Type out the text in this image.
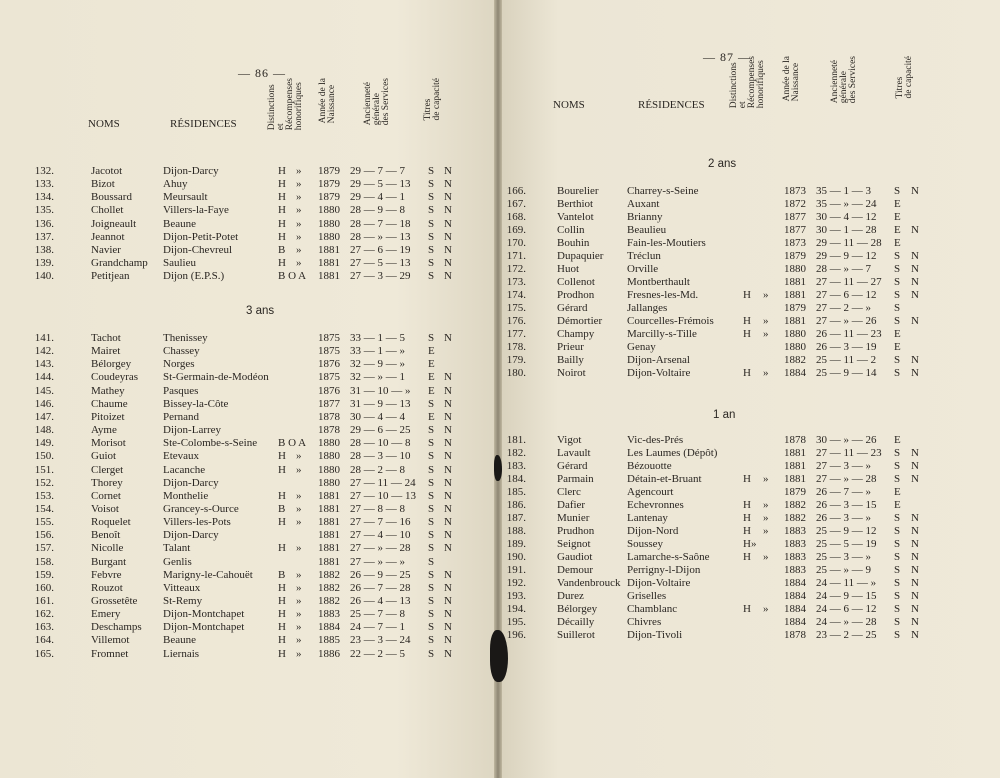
— 86 —
NOMS	RÉSIDENCES	Distinctions
et
Récompenses
honorifiques Année de la
Naissance	Ancienneté
générale
des Services	Titres
de capacité
132.	Jacotot	Dijon-Darcy	H » 1879 29 — 7 — 7 S N
133.	Bizot	Ahuy	H » 1879 29 — 5 — 13 S N
134.	Boussard	Meursault	H » 1879 29 — 4 — 1 S N
135.	Chollet	Villers-la-Faye	H » 1880 28 — 9 — 8 S N
136.	Joigneault Beaune	H » 1880 28 — 7 — 18 S N
137.	Jeannot	Dijon-Petit-Potet	H » 1880 28 — » — 13 S N
138.	Navier	Dijon-Chevreul	B » 1881 27 — 6 — 19 S N
139.	Grandchamp Saulieu	H » 1881 27 — 5 — 13 S N
140.	Petitjean	Dijon (E.P.S.)	B O A 1881 27 — 3 — 29 S N
3 ans
141.	Tachot	Thenissey	1875 33 — 1 — 5 S N
142.	Mairet	Chassey	1875 33 — 1 — » E
143.	Bélorgey	Norges	1876 32 — 9 — » E
144.	Coudeyras St-Germain-de-Modéon	1875 32 — » — 1 E N
145.	Mathey	Pasques	1876 31 — 10 — » E N
146.	Chaume	Bissey-la-Côte	1877 31 — 9 — 13 S N
147.	Pitoizet	Pernand	1878 30 — 4 — 4 E N
148.	Ayme	Dijon-Larrey	1878 29 — 6 — 25 S N
149.	Morisot	Ste-Colombe-s-Seine B O A 1880 28 — 10 — 8 S N
150.	Guiot	Etevaux	H » 1880 28 — 3 — 10 S N
151.	Clerget	Lacanche	H » 1880 28 — 2 — 8 S N
152.	Thorey	Dijon-Darcy	1880 27 — 11 — 24 S N
153.	Cornet	Monthelie	H » 1881 27 — 10 — 13 S N
154.	Voisot	Grancey-s-Ource	B » 1881 27 — 8 — 8 S N
155.	Roquelet	Villers-les-Pots	H » 1881 27 — 7 — 16 S N
156.	Benoît	Dijon-Darcy	1881 27 — 4 — 10 S N
157.	Nicolle	Talant	H » 1881 27 — » — 28 S N
158.	Burgant	Genlis	1881 27 — » — » S
159.	Febvre	Marigny-le-Cahouët B » 1882 26 — 9 — 25 S N
160.	Rouzot	Vitteaux	H » 1882 26 — 7 — 28 S N
161.	Grossetête St-Remy	H » 1882 26 — 4 — 13 S N
162.	Emery	Dijon-Montchapet	H » 1883 25 — 7 — 8 S N
163.	Deschamps Dijon-Montchapet	H » 1884 24 — 7 — 1 S N
164.	Villemot	Beaune	H » 1885 23 — 3 — 24 S N
165.	Fromnet	Liernais	H » 1886 22 — 2 — 5 S N
— 87 —
NOMS	RÉSIDENCES	Distinctions
et
Récompenses
honorifiques Année de la
Naissance	Ancienneté
générale
des Services	Titres
de capacité
2 ans
166.	Bourelier	Charrey-s-Seine	1873 35 — 1 — 3 S N
167.	Berthiot	Auxant	1872 35 — » — 24 E
168.	Vantelot	Brianny	1877 30 — 4 — 12 E
169.	Collin	Beaulieu	1877 30 — 1 — 28 E N
170.	Bouhin	Fain-les-Moutiers	1873 29 — 11 — 28 E
171.	Dupaquier Tréclun	1879 29 — 9 — 12 S N
172.	Huot	Orville	1880 28 — » — 7 S N
173.	Collenot	Montberthault	1881 27 — 11 — 27 S N
174.	Prodhon	Fresnes-les-Md.	H » 1881 27 — 6 — 12 S N
175.	Gérard	Jallanges	1879 27 — 2 — » S
176.	Démortier Courcelles-Frémois	H » 1881 27 — » — 26 S N
177.	Champy	Marcilly-s-Tille	H » 1880 26 — 11 — 23 E
178.	Prieur	Genay	1880 26 — 3 — 19 E
179.	Bailly	Dijon-Arsenal	1882 25 — 11 — 2 S N
180.	Noirot	Dijon-Voltaire	H » 1884 25 — 9 — 14 S N
1 an
181.	Vigot	Vic-des-Prés	1878 30 — » — 26 E
182.	Lavault	Les Laumes (Dépôt)	1881 27 — 11 — 23 S N
183.	Gérard	Bézouotte	1881 27 — 3 — » S N
184.	Parmain	Détain-et-Bruant	H » 1881 27 — » — 28 S N
185.	Clerc	Agencourt	1879 26 — 7 — » E
186.	Dafier	Echevronnes	H » 1882 26 — 3 — 15 E
187.	Munier	Lantenay	H » 1882 26 — 3 — » S N
188.	Prudhon	Dijon-Nord	H » 1883 25 — 9 — 12 S N
189.	Seignot	Soussey	H»	1883 25 — 5 — 19 S N
190.	Gaudiot	Lamarche-s-Saône	H » 1883 25 — 3 — » S N
191.	Demour	Perrigny-l-Dijon	1883 25 — » — 9 S N
192.	Vandenbrouck Dijon-Voltaire	1884 24 — 11 — » S N
193.	Durez	Griselles	1884 24 — 9 — 15 S N
194.	Bélorgey	Chamblanc	H » 1884 24 — 6 — 12 S N
195.	Décailly	Chivres	1884 24 — » — 28 S N
196.	Suillerot	Dijon-Tivoli	1878 23 — 2 — 25 S N
